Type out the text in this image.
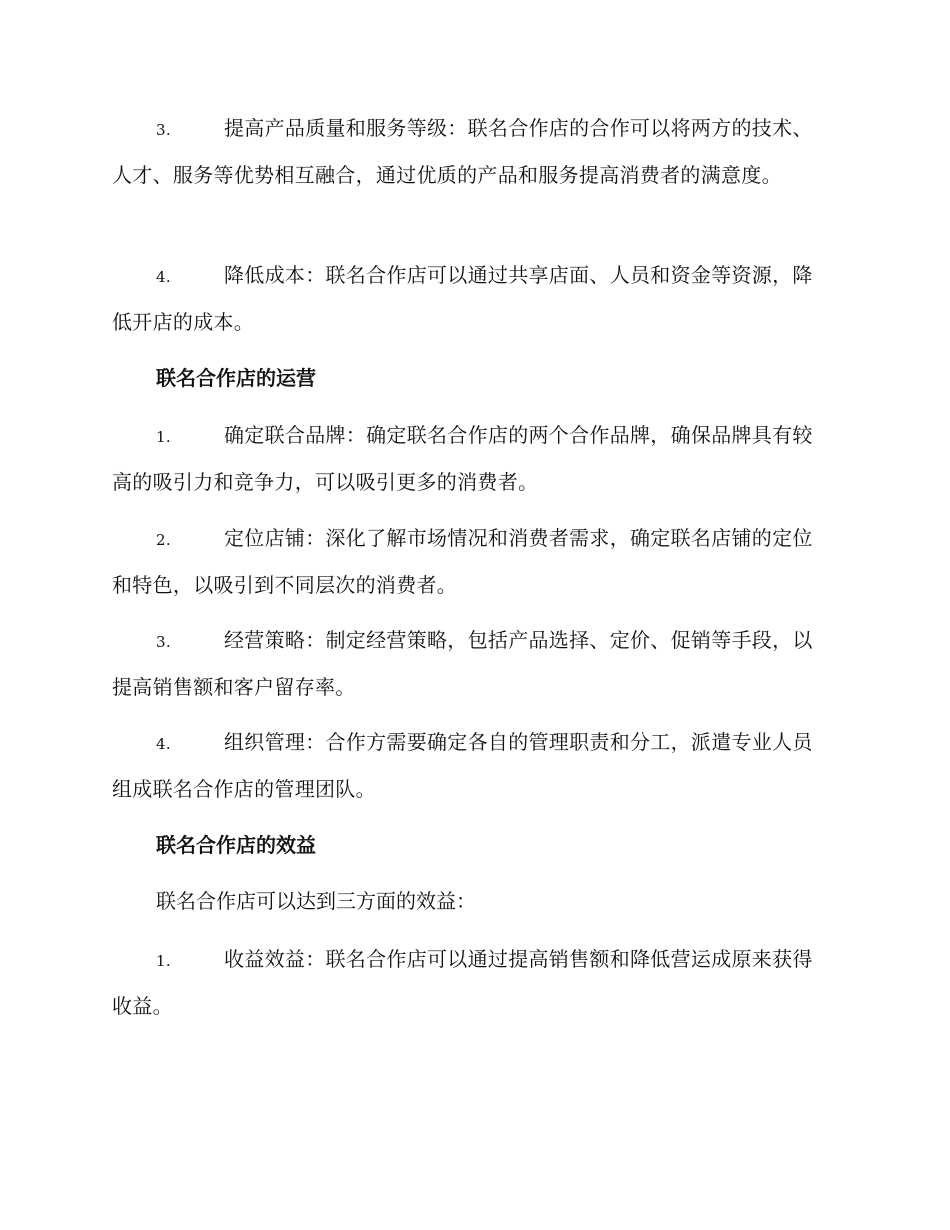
3.	提高产品质量和服务等级：联名合作店的合作可以将两方的技术、人才、服务等优势相互融合，通过优质的产品和服务提高消费者的满意度。

4.	降低成本：联名合作店可以通过共享店面、人员和资金等资源，降低开店的成本。

联名合作店的运营

1.	确定联合品牌：确定联名合作店的两个合作品牌，确保品牌具有较高的吸引力和竞争力，可以吸引更多的消费者。

2.	定位店铺：深化了解市场情况和消费者需求，确定联名店铺的定位和特色，以吸引到不同层次的消费者。

3.	经营策略：制定经营策略，包括产品选择、定价、促销等手段，以提高销售额和客户留存率。

4.	组织管理：合作方需要确定各自的管理职责和分工，派遣专业人员组成联名合作店的管理团队。

联名合作店的效益

联名合作店可以达到三方面的效益：

1.	收益效益：联名合作店可以通过提高销售额和降低营运成原来获得收益。
